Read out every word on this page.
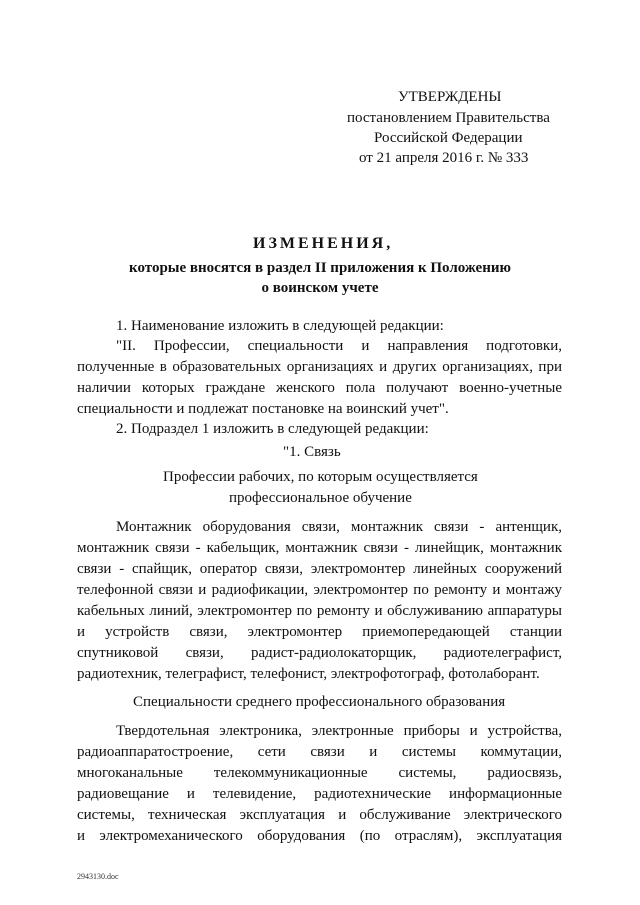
УТВЕРЖДЕНЫ
постановлением Правительства
Российской Федерации
от 21 апреля 2016 г. № 333
ИЗМЕНЕНИЯ,
которые вносятся в раздел II приложения к Положению
о воинском учете
1. Наименование изложить в следующей редакции:
"II. Профессии, специальности и направления подготовки,
полученные в образовательных организациях и других организациях, при
наличии которых граждане женского пола получают военно-учетные
специальности и подлежат постановке на воинский учет".
2. Подраздел 1 изложить в следующей редакции:
"1. Связь
Профессии рабочих, по которым осуществляется
профессиональное обучение
Монтажник оборудования связи, монтажник связи - антенщик,
монтажник связи - кабельщик, монтажник связи - линейщик, монтажник
связи - спайщик, оператор связи, электромонтер линейных сооружений
телефонной связи и радиофикации, электромонтер по ремонту и монтажу
кабельных линий, электромонтер по ремонту и обслуживанию аппаратуры
и устройств связи, электромонтер приемопередающей станции
спутниковой связи, радист-радиолокаторщик, радиотелеграфист,
радиотехник, телеграфист, телефонист, электрофотограф, фотолаборант.
Специальности среднего профессионального образования
Твердотельная электроника, электронные приборы и устройства,
радиоаппаратостроение, сети связи и системы коммутации,
многоканальные телекоммуникационные системы, радиосвязь,
радиовещание и телевидение, радиотехнические информационные
системы, техническая эксплуатация и обслуживание электрического
и электромеханического оборудования (по отраслям), эксплуатация
2943130.doc
